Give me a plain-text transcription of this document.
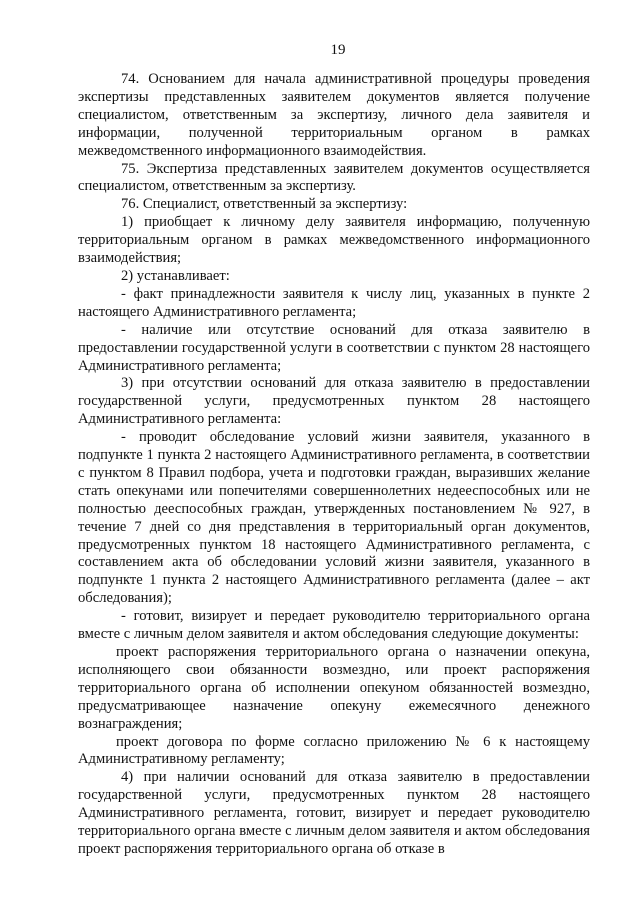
19

74. Основанием для начала административной процедуры проведения экспертизы представленных заявителем документов является получение специалистом, ответственным за экспертизу, личного дела заявителя и информации, полученной территориальным органом в рамках межведомственного информационного взаимодействия.

75. Экспертиза представленных заявителем документов осуществляется специалистом, ответственным за экспертизу.

76. Специалист, ответственный за экспертизу:

1) приобщает к личному делу заявителя информацию, полученную территориальным органом в рамках межведомственного информационного взаимодействия;

2) устанавливает:

- факт принадлежности заявителя к числу лиц, указанных в пункте 2 настоящего Административного регламента;

- наличие или отсутствие оснований для отказа заявителю в предоставлении государственной услуги в соответствии с пунктом 28 настоящего Административного регламента;

3) при отсутствии оснований для отказа заявителю в предоставлении государственной услуги, предусмотренных пунктом 28 настоящего Административного регламента:

- проводит обследование условий жизни заявителя, указанного в подпункте 1 пункта 2 настоящего Административного регламента, в соответствии с пунктом 8 Правил подбора, учета и подготовки граждан, выразивших желание стать опекунами или попечителями совершеннолетних недееспособных или не полностью дееспособных граждан, утвержденных постановлением № 927, в течение 7 дней со дня представления в территориальный орган документов, предусмотренных пунктом 18 настоящего Административного регламента, с составлением акта об обследовании условий жизни заявителя, указанного в подпункте 1 пункта 2 настоящего Административного регламента (далее – акт обследования);

- готовит, визирует и передает руководителю территориального органа вместе с личным делом заявителя и актом обследования следующие документы:

проект распоряжения территориального органа о назначении опекуна, исполняющего свои обязанности возмездно, или проект распоряжения территориального органа об исполнении опекуном обязанностей возмездно, предусматривающее назначение опекуну ежемесячного денежного вознаграждения;

проект договора по форме согласно приложению № 6 к настоящему Административному регламенту;

4) при наличии оснований для отказа заявителю в предоставлении государственной услуги, предусмотренных пунктом 28 настоящего Административного регламента, готовит, визирует и передает руководителю территориального органа вместе с личным делом заявителя и актом обследования проект распоряжения территориального органа об отказе в
